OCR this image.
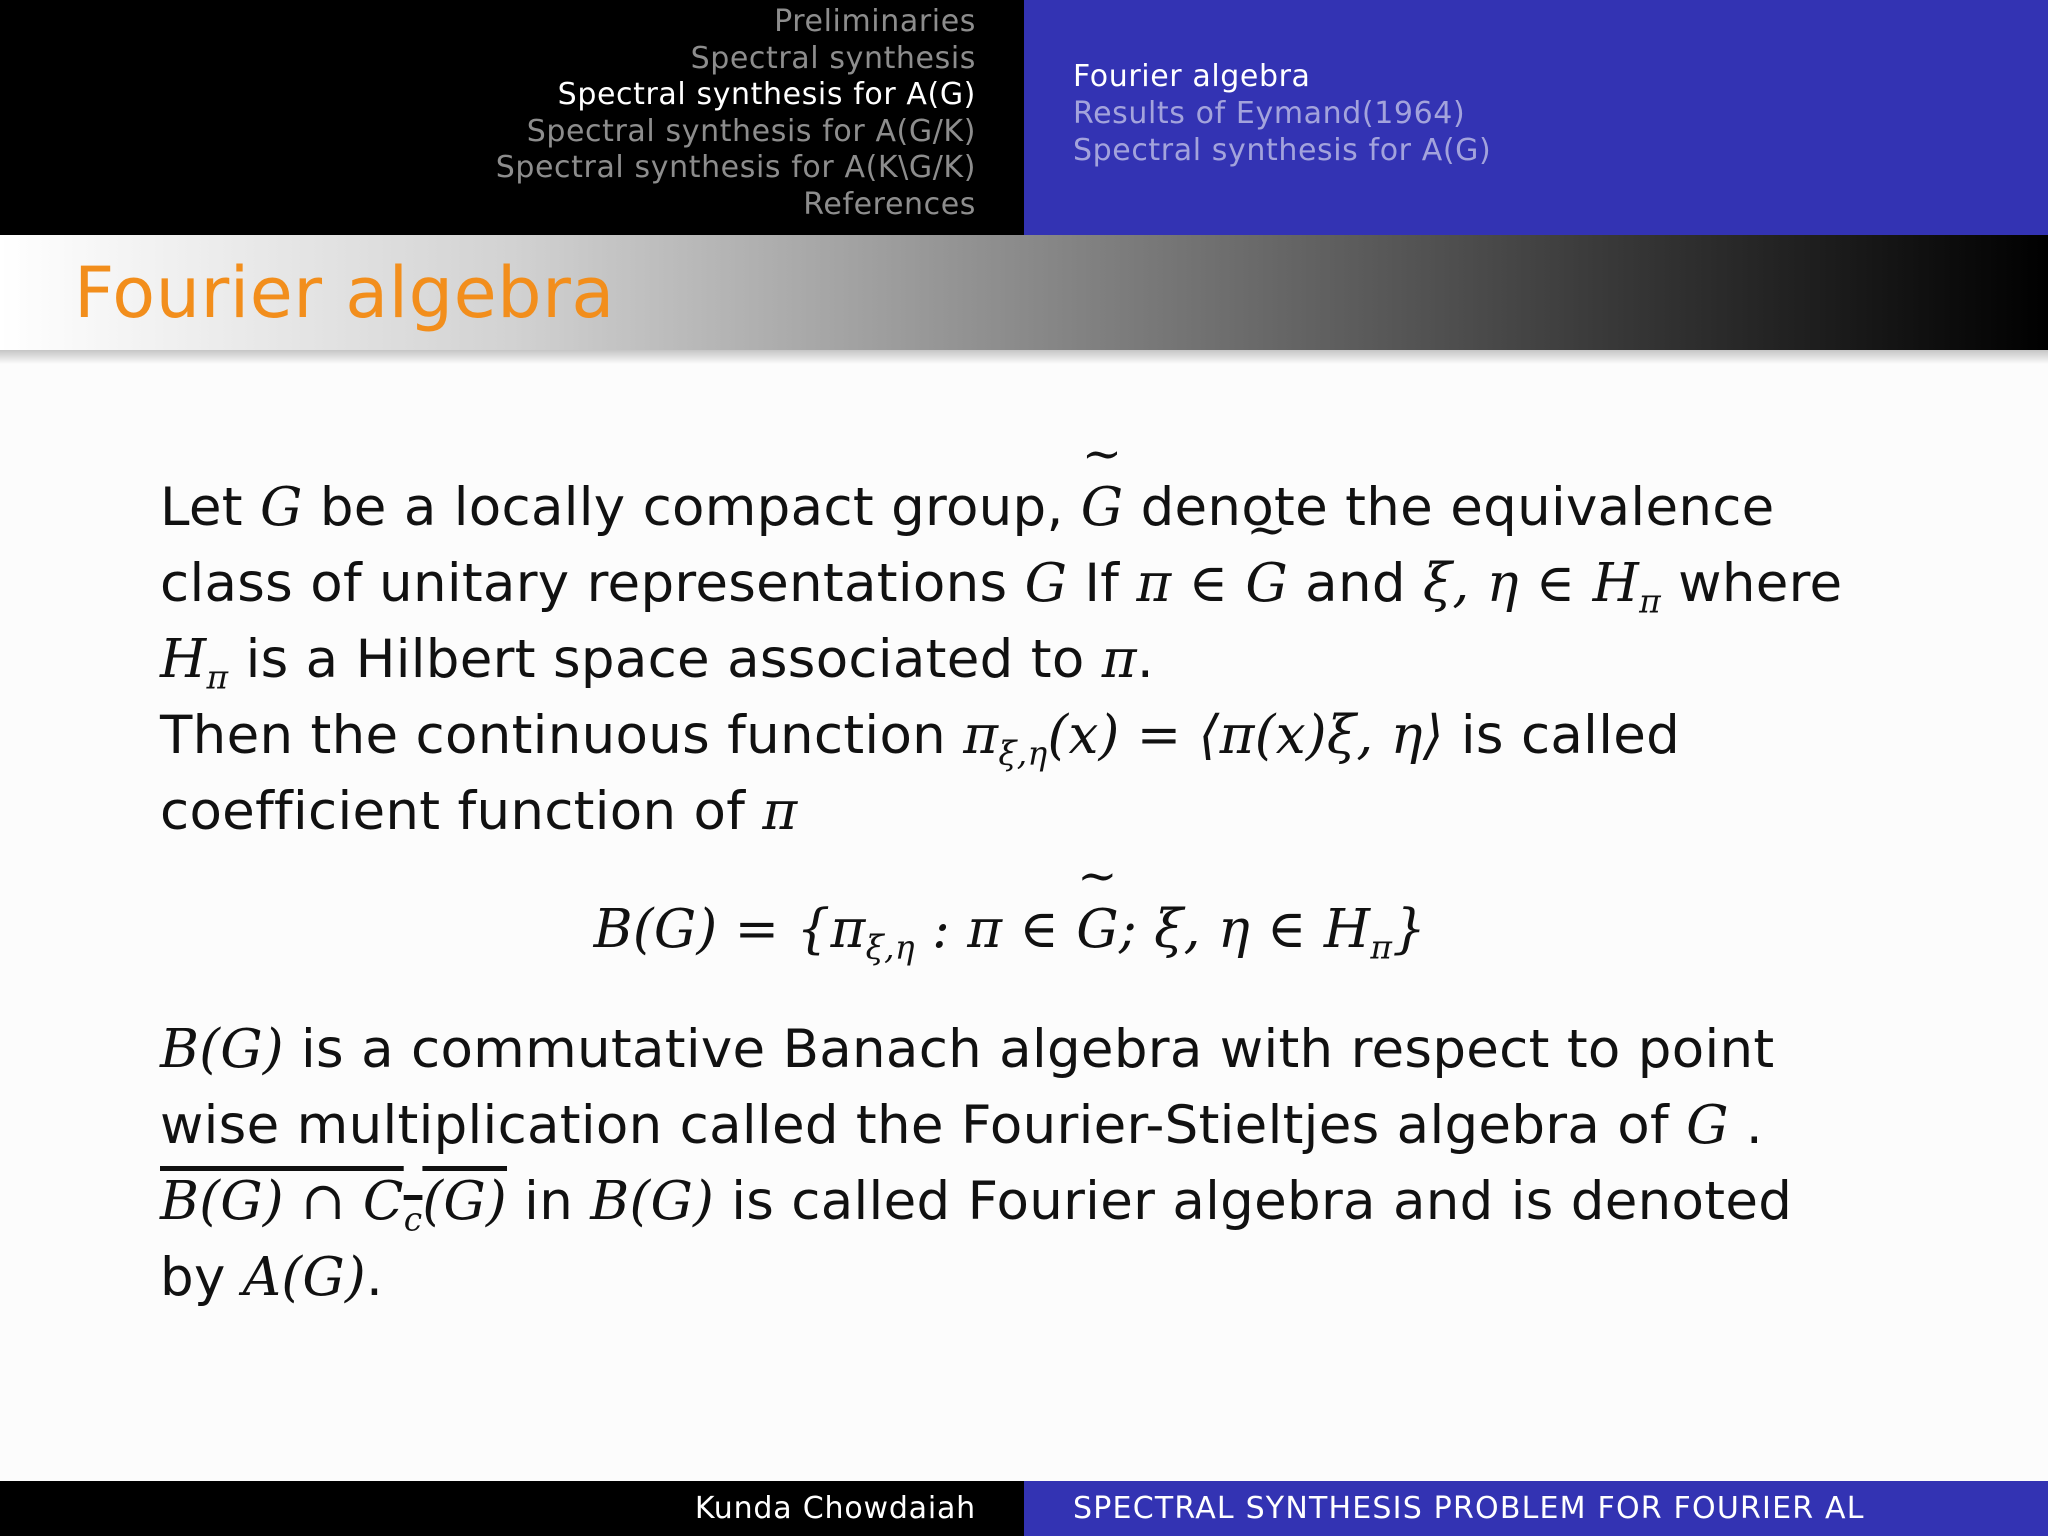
Preliminaries
Spectral synthesis
Spectral synthesis for A(G)
Spectral synthesis for A(G/K)
Spectral synthesis for A(K\G/K)
References
Fourier algebra
Results of Eymand(1964)
Spectral synthesis for A(G)
Fourier algebra

Let G be a locally compact group, ~ G denote the equivalence class of unitary representations G If π ∈ ~ G and ξ, η ∈ $H_\pi$ where $H_\pi$ is a Hilbert space associated to π.

Then the continuous function $\pi_{\xi,\eta}(x)$ = ⟨π(x)ξ, η⟩ is called coefficient function of π

$B(G) = \{\pi_{\xi,\eta}$ : π ∈ ~ G; ξ, η ∈ $H_\pi$}

B(G) is a commutative Banach algebra with respect to point wise multiplication called the Fourier-Stieltjes algebra of G .

B(G) ∩ $C_c(G)$ in B(G) is called Fourier algebra and is denoted by A(G).

Kunda Chowdaiah	SPECTRAL SYNTHESIS PROBLEM FOR FOURIER AL
